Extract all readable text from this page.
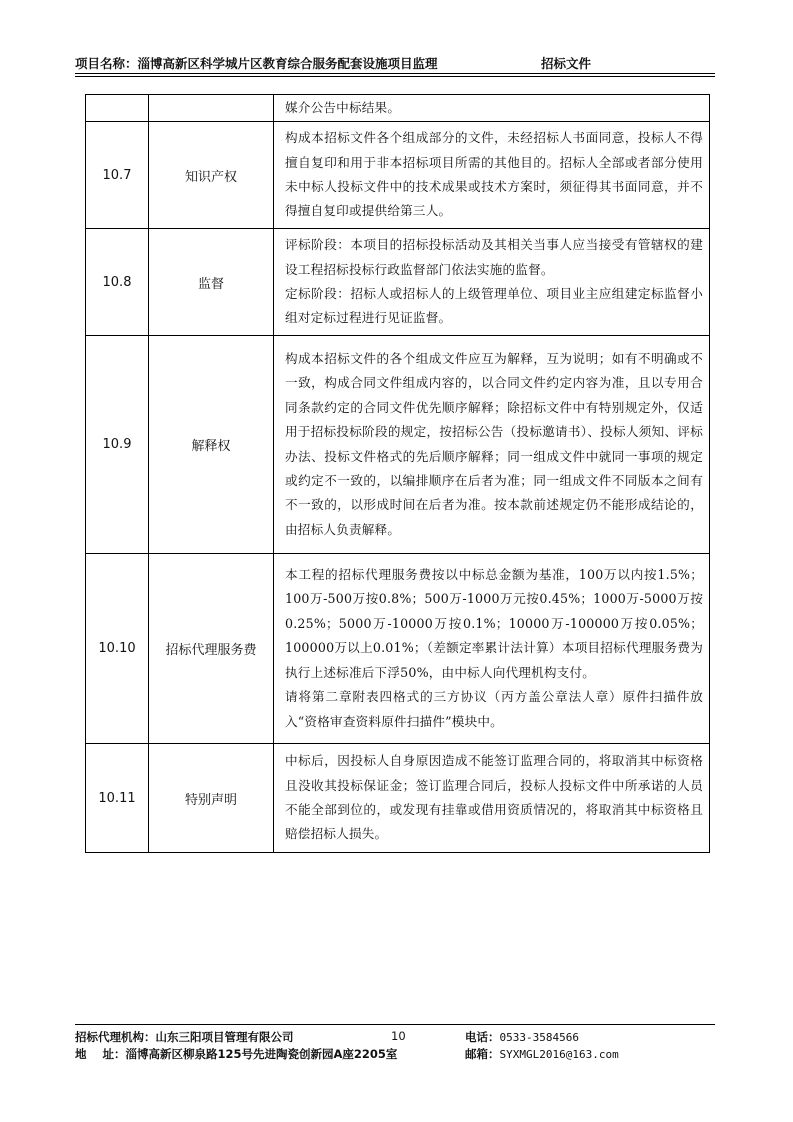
项目名称：淄博高新区科学城片区教育综合服务配套设施项目监理	招标文件

		媒介公告中标结果。

10.7	知识产权	构成本招标文件各个组成部分的文件，未经招标人书面同意，投标人不得擅自复印和用于非本招标项目所需的其他目的。招标人全部或者部分使用未中标人投标文件中的技术成果或技术方案时，须征得其书面同意，并不得擅自复印或提供给第三人。

10.8	监督	评标阶段：本项目的招标投标活动及其相关当事人应当接受有管辖权的建设工程招标投标行政监督部门依法实施的监督。

定标阶段：招标人或招标人的上级管理单位、项目业主应组建定标监督小组对定标过程进行见证监督。

10.9	解释权	构成本招标文件的各个组成文件应互为解释，互为说明；如有不明确或不一致，构成合同文件组成内容的，以合同文件约定内容为准，且以专用合同条款约定的合同文件优先顺序解释；除招标文件中有特别规定外，仅适用于招标投标阶段的规定，按招标公告（投标邀请书）、投标人须知、评标办法、投标文件格式的先后顺序解释；同一组成文件中就同一事项的规定或约定不一致的，以编排顺序在后者为准；同一组成文件不同版本之间有不一致的，以形成时间在后者为准。按本款前述规定仍不能形成结论的，由招标人负责解释。

10.10	招标代理服务费	本工程的招标代理服务费按以中标总金额为基准，100万以内按1.5%；100万-500万按0.8%；500万-1000万元按0.45%；1000万-5000万按0.25%；5000万-10000万按0.1%；10000万-100000万按0.05%；100000万以上0.01%；（差额定率累计法计算）本项目招标代理服务费为执行上述标准后下浮50%，由中标人向代理机构支付。

请将第二章附表四格式的三方协议（丙方盖公章法人章）原件扫描件放入“资格审查资料原件扫描件”模块中。

10.11	特别声明	中标后，因投标人自身原因造成不能签订监理合同的，将取消其中标资格且没收其投标保证金；签订监理合同后，投标人投标文件中所承诺的人员不能全部到位的，或发现有挂靠或借用资质情况的，将取消其中标资格且赔偿招标人损失。

招标代理机构：山东三阳项目管理有限公司	10	电话：0533-3584566
地    址：淄博高新区柳泉路125号先进陶瓷创新园A座2205室	邮箱：SYXMGL2016@163.com
